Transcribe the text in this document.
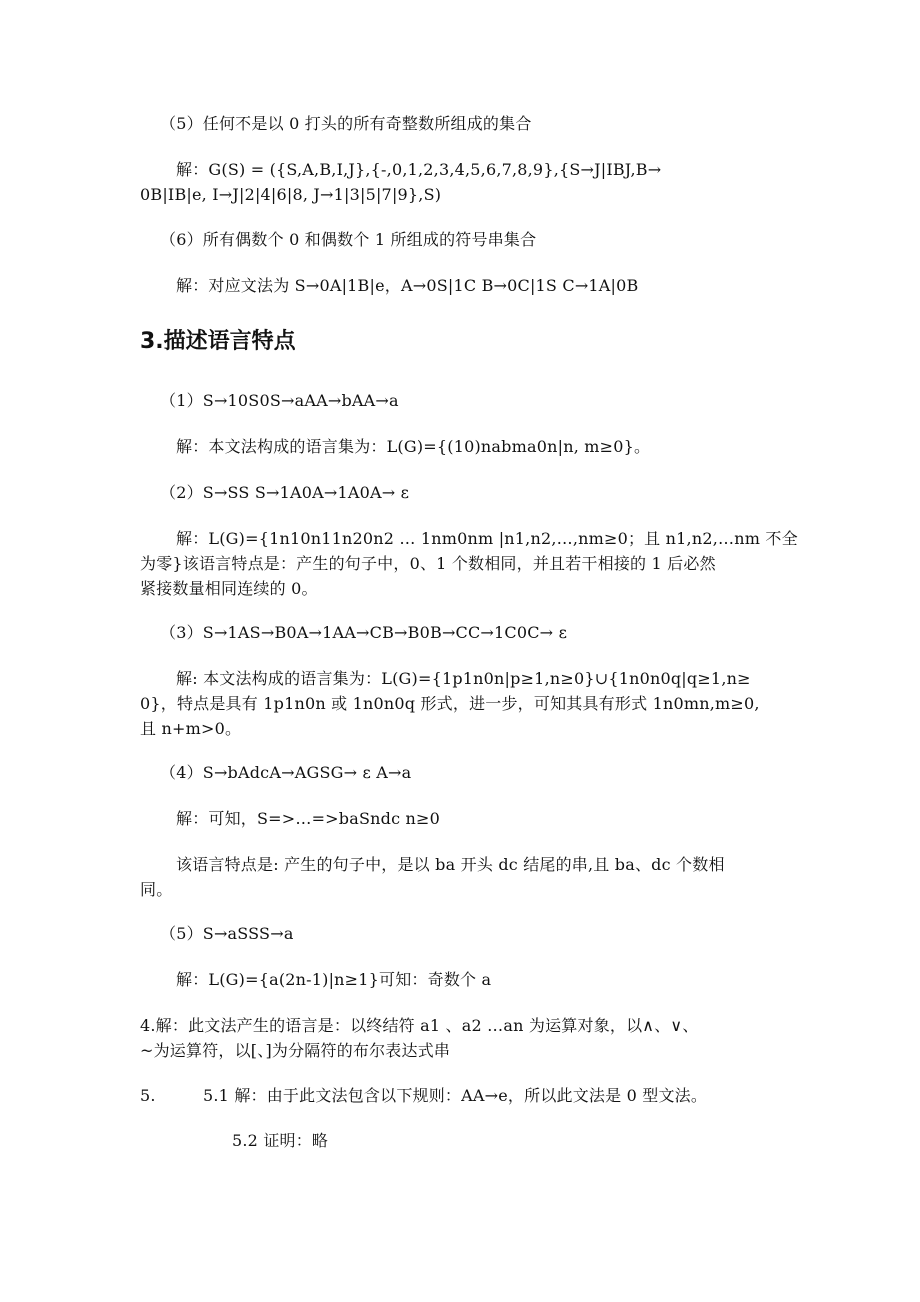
（5）任何不是以 0 打头的所有奇整数所组成的集合
解：G(S) = ({S,A,B,I,J},{-,0,1,2,3,4,5,6,7,8,9},{S→J|IBJ,B→
0B|IB|e, I→J|2|4|6|8, J→1|3|5|7|9},S)
（6）所有偶数个 0 和偶数个 1 所组成的符号串集合
解：对应文法为 S→0A|1B|e，A→0S|1C B→0C|1S C→1A|0B
3.描述语言特点
（1）S→10S0S→aAA→bAA→a
解：本文法构成的语言集为：L(G)={(10)nabma0n|n, m≥0}。
（2）S→SS S→1A0A→1A0A→ ε
解：L(G)={1n10n11n20n2 … 1nm0nm |n1,n2,…,nm≥0；且 n1,n2,…nm 不全
为零}该语言特点是：产生的句子中，0、1 个数相同，并且若干相接的 1 后必然
紧接数量相同连续的 0。
（3）S→1AS→B0A→1AA→CB→B0B→CC→1C0C→ ε
解: 本文法构成的语言集为：L(G)={1p1n0n|p≥1,n≥0}∪{1n0n0q|q≥1,n≥
0}，特点是具有 1p1n0n 或 1n0n0q 形式，进一步，可知其具有形式 1n0mn,m≥0,
且 n+m>0。
（4）S→bAdcA→AGSG→ ε A→a
解：可知，S=>…=>baSndc n≥0
该语言特点是: 产生的句子中，是以 ba 开头 dc 结尾的串,且 ba、dc 个数相
同。
（5）S→aSSS→a
解：L(G)={a(2n-1)|n≥1}可知：奇数个 a
4.解：此文法产生的语言是：以终结符 a1 、a2 …an 为运算对象，以∧、∨、
~为运算符，以[、]为分隔符的布尔表达式串
5.	5.1 解：由于此文法包含以下规则：AA→e，所以此文法是 0 型文法。
5.2 证明：略
